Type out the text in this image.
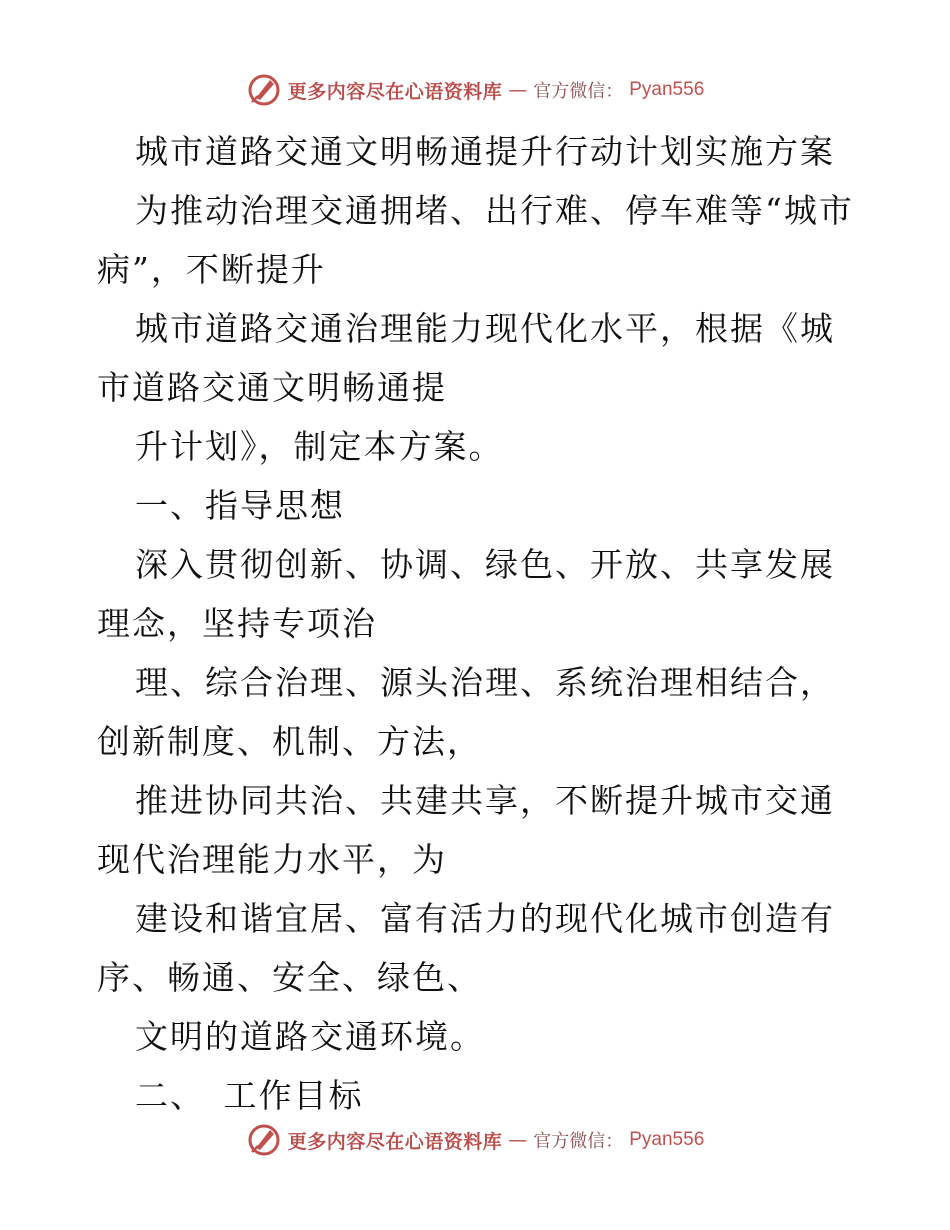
更多内容尽在心语资料库 — 官方微信： Pyan556

城市道路交通文明畅通提升行动计划实施方案

为推动治理交通拥堵、出行难、停车难等“城市病”，不断提升

城市道路交通治理能力现代化水平，根据《城市道路交通文明畅通提

升计划》，制定本方案。

一、指导思想

深入贯彻创新、协调、绿色、开放、共享发展理念，坚持专项治

理、综合治理、源头治理、系统治理相结合，创新制度、机制、方法，

推进协同共治、共建共享，不断提升城市交通现代治理能力水平，为

建设和谐宜居、富有活力的现代化城市创造有序、畅通、安全、绿色、

文明的道路交通环境。

二、　工作目标

更多内容尽在心语资料库 — 官方微信： Pyan556
